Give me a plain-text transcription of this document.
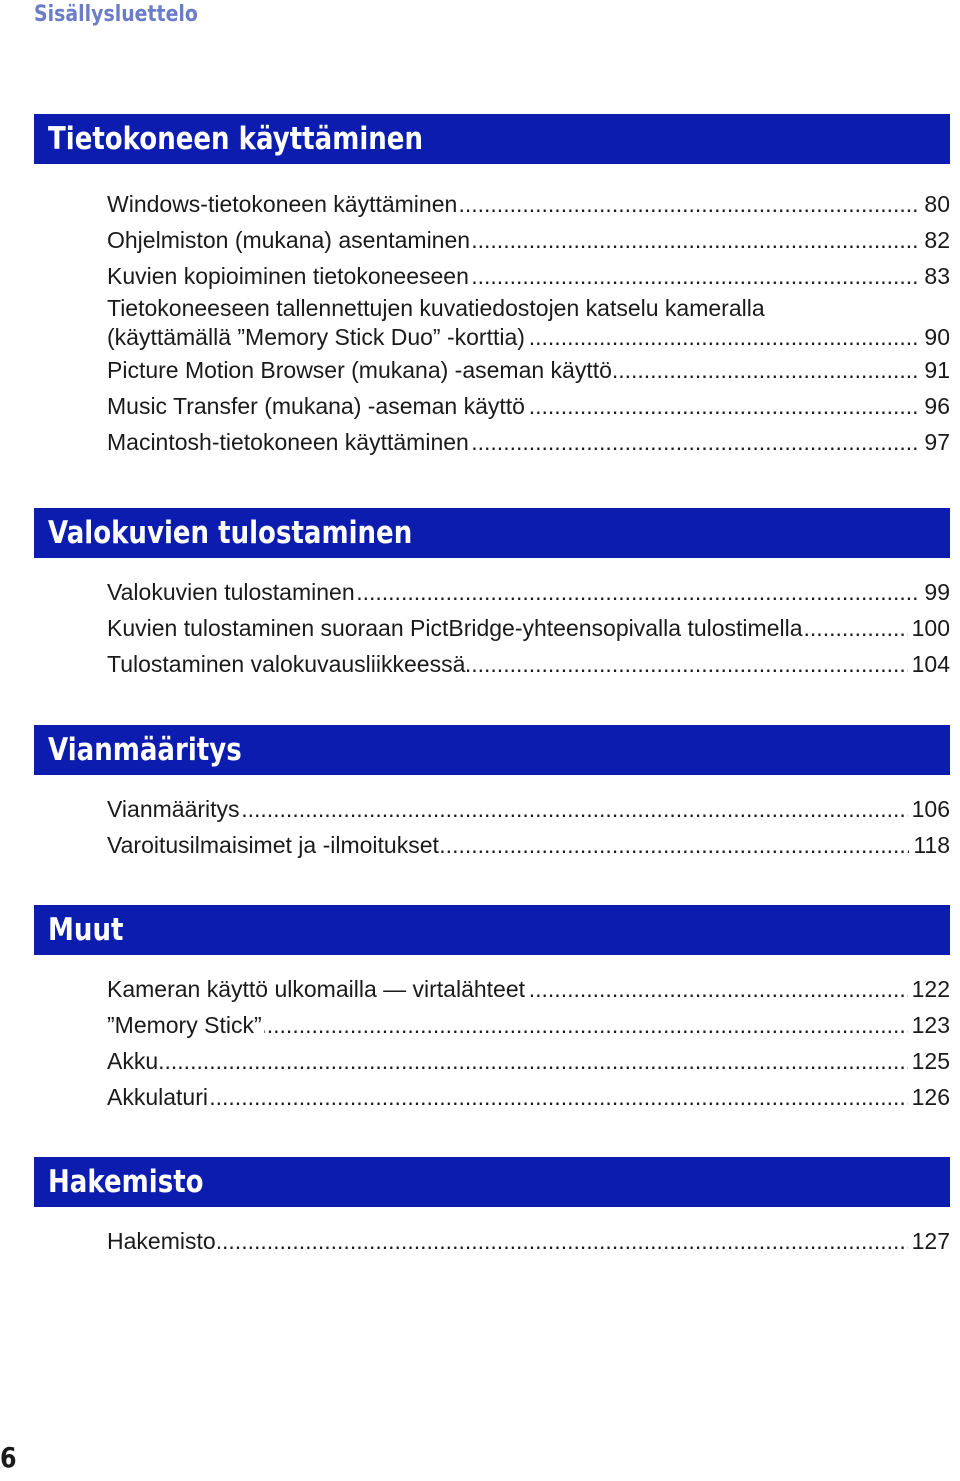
Sisällysluettelo
Tietokoneen käyttäminen
Windows-tietokoneen käyttäminen	80
.....
Ohjelmiston (mukana) asentaminen	82
.....
Kuvien kopioiminen tietokoneeseen	83
.....
Tietokoneeseen tallennettujen kuvatiedostojen katselu kameralla
(käyttämällä ”Memory Stick Duo” -korttia)	90
.....
Picture Motion Browser (mukana) -aseman käyttö	91
.....
Music Transfer (mukana) -aseman käyttö	96
.....
Macintosh-tietokoneen käyttäminen	97
.....
Valokuvien tulostaminen
Valokuvien tulostaminen	99
.....
Kuvien tulostaminen suoraan PictBridge-yhteensopivalla tulostimella	100
.....
Tulostaminen valokuvausliikkeessä	104
.....
Vianmääritys
Vianmääritys	106
.....
Varoitusilmaisimet ja -ilmoitukset	118
.....
Muut
Kameran käyttö ulkomailla — virtalähteet	122
.....
”Memory Stick”	123
.....
Akku	125
.....
Akkulaturi	126
.....
Hakemisto
Hakemisto	127
.....
6
